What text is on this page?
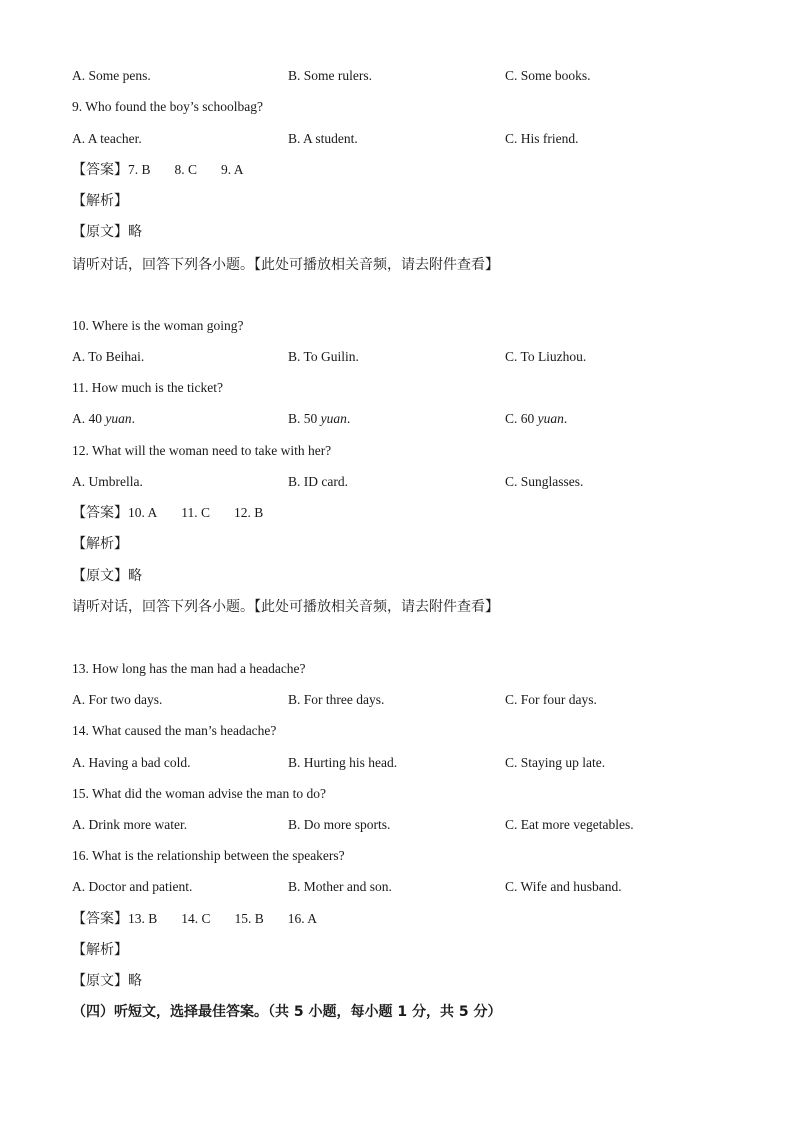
A. Some pens.	B. Some rulers.	C. Some books.
9. Who found the boy’s schoolbag?
A. A teacher.	B. A student.	C. His friend.
【答案】7. B 8. C 9. A
【解析】
【原文】略
请听对话，回答下列各小题。【此处可播放相关音频，请去附件查看】
10. Where is the woman going?
A. To Beihai.	B. To Guilin.	C. To Liuzhou.
11. How much is the ticket?
A. 40 yuan.	B. 50 yuan.	C. 60 yuan.
12. What will the woman need to take with her?
A. Umbrella.	B. ID card.	C. Sunglasses.
【答案】10. A 11. C 12. B
【解析】
【原文】略
请听对话，回答下列各小题。【此处可播放相关音频，请去附件查看】
13. How long has the man had a headache?
A. For two days.	B. For three days.	C. For four days.
14. What caused the man’s headache?
A. Having a bad cold.	B. Hurting his head.	C. Staying up late.
15. What did the woman advise the man to do?
A. Drink more water.	B. Do more sports.	C. Eat more vegetables.
16. What is the relationship between the speakers?
A. Doctor and patient.	B. Mother and son.	C. Wife and husband.
【答案】13. B 14. C 15. B 16. A
【解析】
【原文】略
（四）听短文，选择最佳答案。（共 5 小题，每小题 1 分，共 5 分）
